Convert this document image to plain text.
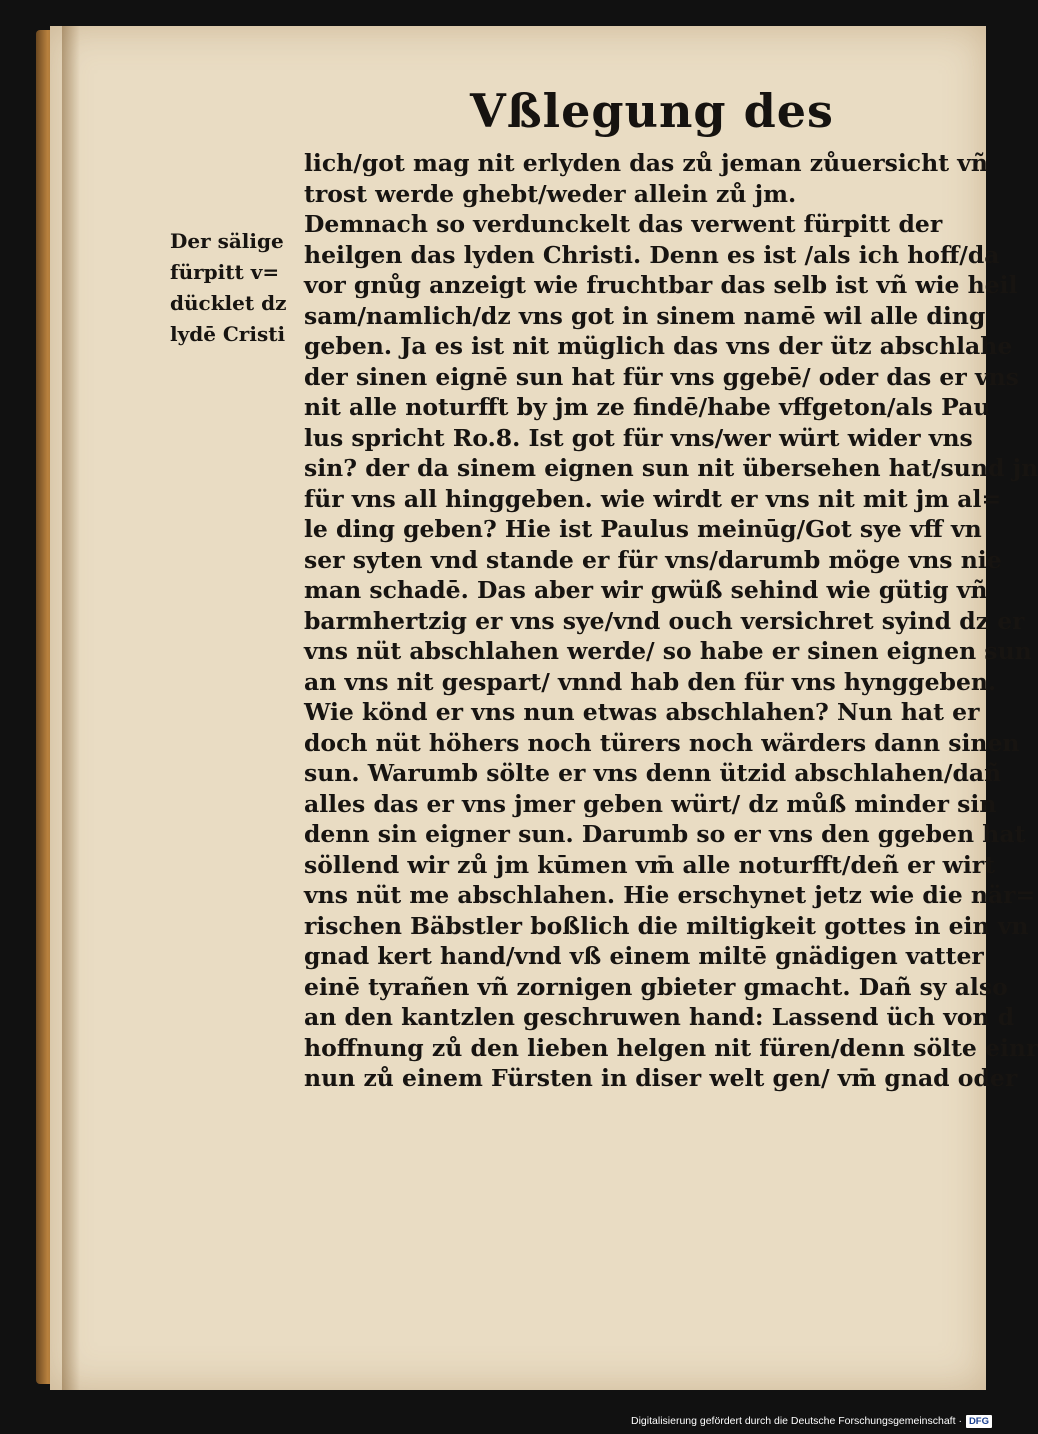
Vßlegung des
Der sälige
fürpitt v=
dücklet dz
lydē Cristi
lich/got mag nit erlyden das zů jeman zůuersicht vñ
trost werde ghebt/weder allein zů jm.
Demnach so verdunckelt das verwent fürpitt der
heilgen das lyden Christi. Denn es ist /als ich hoff/da
vor gnůg anzeigt wie fruchtbar das selb ist vñ wie heil
sam/namlich/dz vns got in sinem namē wil alle ding
geben. Ja es ist nit müglich das vns der ütz abschlahe
der sinen eignē sun hat für vns ggebē/ oder das er vns
nit alle noturfft by jm ze findē/habe vffgeton/als Pau
lus spricht Ro.8. Ist got für vns/wer würt wider vns
sin? der da sinem eignen sun nit übersehen hat/sund jn
für vns all hinggeben. wie wirdt er vns nit mit jm al=
le ding geben? Hie ist Paulus meinūg/Got sye vff vn
ser syten vnd stande er für vns/darumb möge vns nie
man schadē. Das aber wir gwüß sehind wie gütig vñ
barmhertzig er vns sye/vnd ouch versichret syind dz er
vns nüt abschlahen werde/ so habe er sinen eignen sun
an vns nit gespart/ vnnd hab den für vns hynggeben.
Wie könd er vns nun etwas abschlahen? Nun hat er
doch nüt höhers noch türers noch wärders dann sinen
sun. Warumb sölte er vns denn ützid abschlahen/dañ
alles das er vns jmer geben würt/ dz můß minder sin
denn sin eigner sun. Darumb so er vns den ggeben hat
söllend wir zů jm kūmen vm̄ alle noturfft/deñ er wirt
vns nüt me abschlahen. Hie erschynet jetz wie die när=
rischen Bäbstler boßlich die miltigkeit gottes in ein vn
gnad kert hand/vnd vß einem miltē gnädigen vatter
einē tyrañen vñ zornigen gbieter gmacht. Dañ sy also
an den kantzlen geschruwen hand: Lassend üch von d
hoffnung zů den lieben helgen nit füren/denn sölte einr
nun zů einem Fürsten in diser welt gen/ vm̄ gnad oder
Digitalisierung gefördert durch die Deutsche Forschungsgemeinschaft · DFG
